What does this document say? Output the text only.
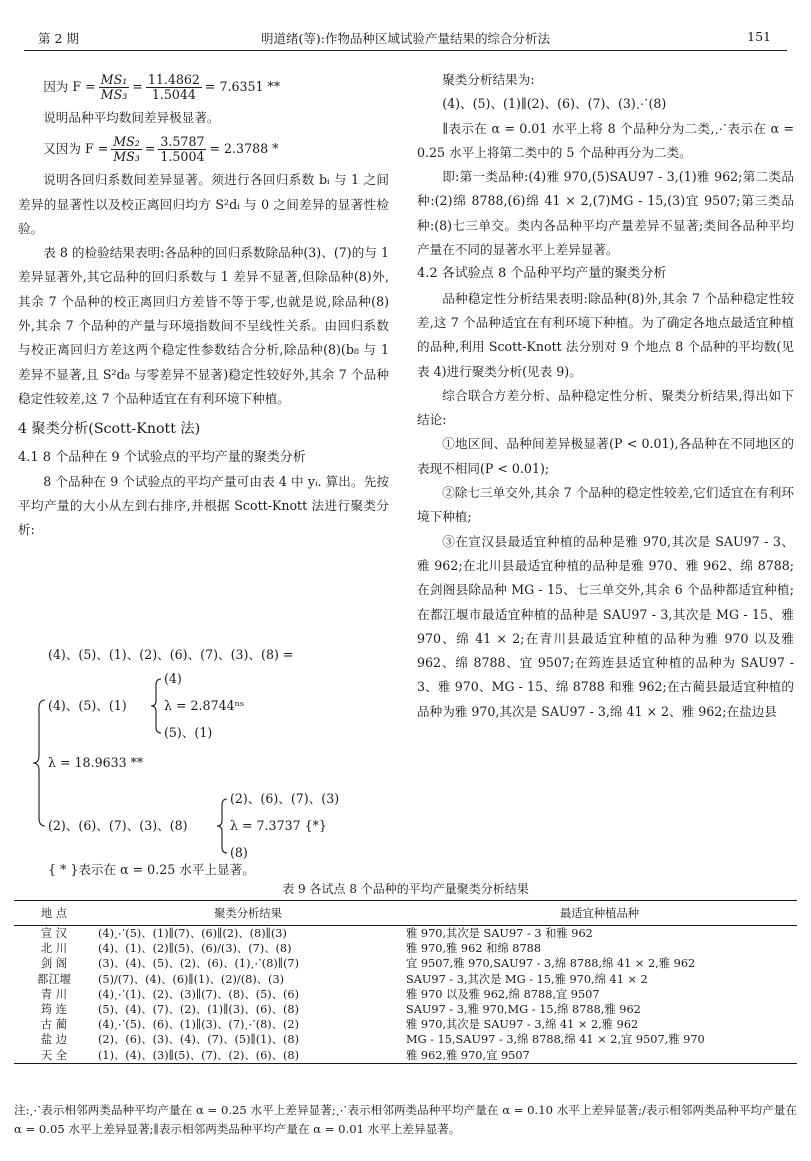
第 2 期	明道绪(等):作物品种区域试验产量结果的综合分析法	151
因为 $F = \frac{\text{MS₁}}{\text{MS₃}} = \frac{11.4862}{1.5044} = 7.6351$ **

说明品种平均数间差异极显著。

又因为 $F = \frac{\text{MS₂}}{\text{MS₃}} = \frac{3.5787}{1.5004} = 2.3788$ *

说明各回归系数间差异显著。须进行各回归系数 bᵢ 与 1 之间差异的显著性以及校正离回归均方 S²dᵢ 与 0 之间差异的显著性检验。

表 8 的检验结果表明:各品种的回归系数除品种(3)、(7)的与 1 差异显著外,其它品种的回归系数与 1 差异不显著,但除品种(8)外,其余 7 个品种的校正离回归方差皆不等于零,也就是说,除品种(8)外,其余 7 个品种的产量与环境指数间不呈线性关系。由回归系数与校正离回归方差这两个稳定性参数结合分析,除品种(8)(b₈ 与 1 差异不显著,且 S²d₈ 与零差异不显著)稳定性较好外,其余 7 个品种稳定性较差,这 7 个品种适宜在有利环境下种植。

4 聚类分析(Scott-Knott 法)

4.1 8 个品种在 9 个试验点的平均产量的聚类分析

8 个品种在 9 个试验点的平均产量可由表 4 中 yᵢ. 算出。先按平均产量的大小从左到右排序,并根据 Scott-Knott 法进行聚类分析:

(4)、(5)、(1)、(2)、(6)、(7)、(3)、(8) =
(4)、(5)、(1)
(4)
λ = 2.8744ⁿˢ
(5)、(1)
λ = 18.9633 **
(2)、(6)、(7)、(3)、(8)
(2)、(6)、(7)、(3)
λ = 7.3737 {*}
(8)
{ * }表示在 α = 0.25 水平上显著。

聚类分析结果为:

(4)、(5)、(1)∥(2)、(6)、(7)、(3)⋰(8)

∥表示在 α = 0.01 水平上将 8 个品种分为二类,⋰表示在 α = 0.25 水平上将第二类中的 5 个品种再分为二类。

即:第一类品种:(4)雅 970,(5)SAU97 - 3,(1)雅 962;第二类品种:(2)绵 8788,(6)绵 41 × 2,(7)MG - 15,(3)宜 9507;第三类品种:(8)七三单交。类内各品种平均产量差异不显著;类间各品种平均产量在不同的显著水平上差异显著。

4.2 各试验点 8 个品种平均产量的聚类分析

品种稳定性分析结果表明:除品种(8)外,其余 7 个品种稳定性较差,这 7 个品种适宜在有利环境下种植。为了确定各地点最适宜种植的品种,利用 Scott-Knott 法分别对 9 个地点 8 个品种的平均数(见表 4)进行聚类分析(见表 9)。

综合联合方差分析、品种稳定性分析、聚类分析结果,得出如下结论:

①地区间、品种间差异极显著(P < 0.01),各品种在不同地区的表现不相同(P < 0.01);

②除七三单交外,其余 7 个品种的稳定性较差,它们适宜在有利环境下种植;

③在宣汉县最适宜种植的品种是雅 970,其次是 SAU97 - 3、雅 962;在北川县最适宜种植的品种是雅 970、雅 962、绵 8788;在剑阁县除品种 MG - 15、七三单交外,其余 6 个品种都适宜种植;在都江堰市最适宜种植的品种是 SAU97 - 3,其次是 MG - 15、雅 970、绵 41 × 2;在青川县最适宜种植的品种为雅 970 以及雅 962、绵 8788、宜 9507;在筠连县适宜种植的品种为 SAU97 - 3、雅 970、MG - 15、绵 8788 和雅 962;在古蔺县最适宜种植的品种为雅 970,其次是 SAU97 - 3,绵 41 × 2、雅 962;在盐边县

表 9 各试点 8 个品种的平均产量聚类分析结果
地 点	聚类分析结果	最适宜种植品种
宣 汉	(4)⋰(5)、(1)∥(7)、(6)∥(2)、(8)∥(3)	雅 970,其次是 SAU97 - 3 和雅 962
北 川	(4)、(1)、(2)∥(5)、(6)/(3)、(7)、(8)	雅 970,雅 962 和绵 8788
剑 阁	(3)、(4)、(5)、(2)、(6)、(1)⋰(8)∥(7)	宜 9507,雅 970,SAU97 - 3,绵 8788,绵 41 × 2,雅 962
都江堰	(5)/(7)、(4)、(6)∥(1)、(2)/(8)、(3)	SAU97 - 3,其次是 MG - 15,雅 970,绵 41 × 2
青 川	(4)⋰(1)、(2)、(3)∥(7)、(8)、(5)、(6)	雅 970 以及雅 962,绵 8788,宜 9507
筠 连	(5)、(4)、(7)、(2)、(1)∥(3)、(6)、(8)	SAU97 - 3,雅 970,MG - 15,绵 8788,雅 962
古 蔺	(4)⋰(5)、(6)、(1)∥(3)、(7)⋰(8)、(2)	雅 970,其次是 SAU97 - 3,绵 41 × 2,雅 962
盐 边	(2)、(6)、(3)、(4)、(7)、(5)∥(1)、(8)	MG - 15,SAU97 - 3,绵 8788,绵 41 × 2,宜 9507,雅 970
天 全	(1)、(4)、(3)∥(5)、(7)、(2)、(6)、(8)	雅 962,雅 970,宜 9507
注:⋰表示相邻两类品种平均产量在 α = 0.25 水平上差异显著;⋰表示相邻两类品种平均产量在 α = 0.10 水平上差异显著;/表示相邻两类品种平均产量在 α = 0.05 水平上差异显著;∥表示相邻两类品种平均产量在 α = 0.01 水平上差异显著。
